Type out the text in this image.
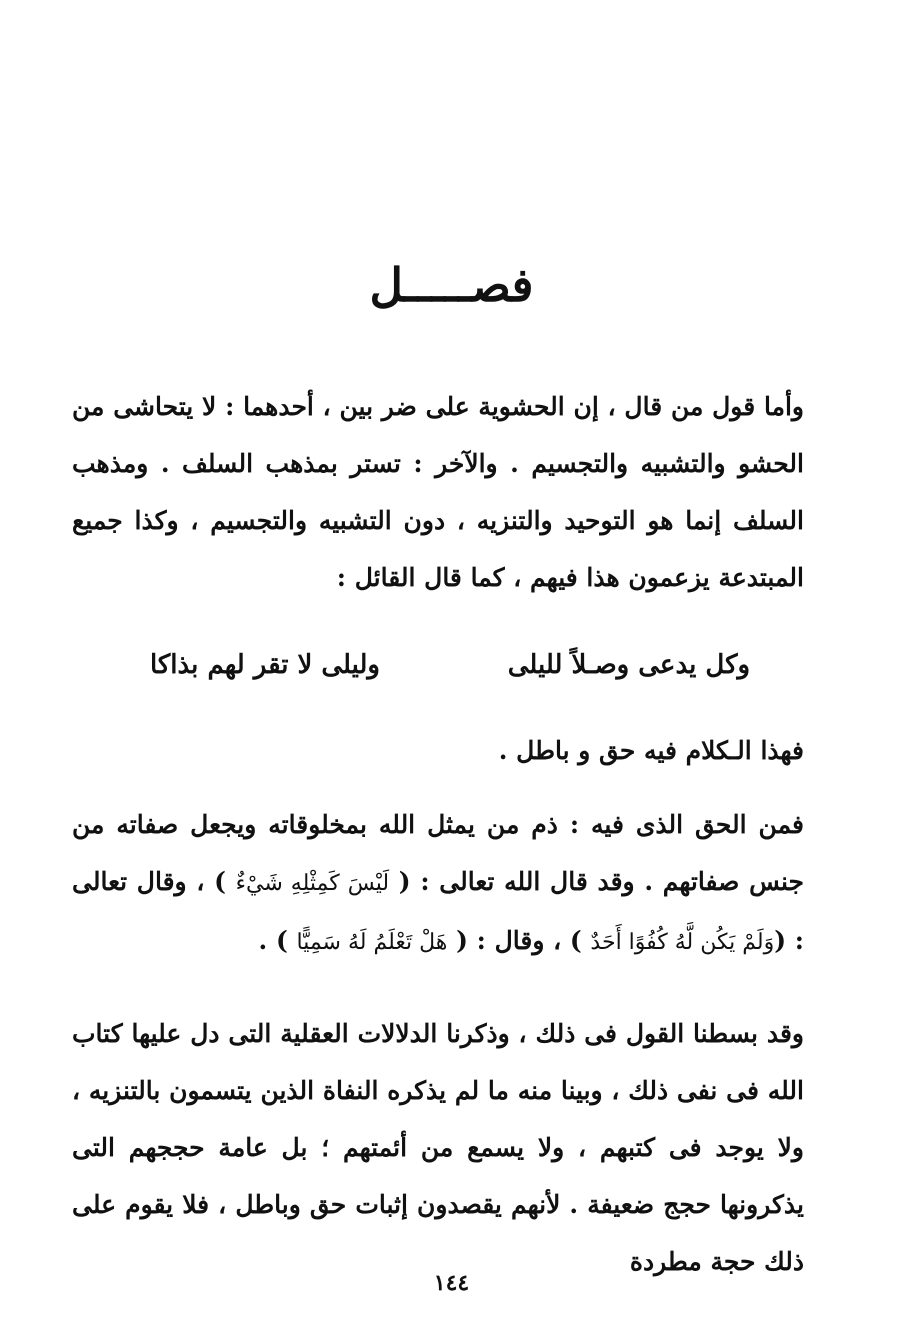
فصـــــل

وأما قول من قال ، إن الحشوية على ضر بين ، أحدهما : لا يتحاشى من الحشو والتشبيه والتجسيم . والآخر : تستر بمذهب السلف . ومذهب السلف إنما هو التوحيد والتنزيه ، دون التشبيه والتجسيم ، وكذا جميع المبتدعة يزعمون هذا فيهم ، كما قال القائل :

وكل يدعى وصـلاً لليلى
وليلى لا تقر لهم بذاكا

فهذا الـكلام فيه حق و باطل .

فمن الحق الذى فيه : ذم من يمثل الله بمخلوقاته ويجعل صفاته من جنس صفاتهم . وقد قال الله تعالى : ( لَيْسَ كَمِثْلِهِ شَيْءٌ ) ، وقال تعالى : (وَلَمْ يَكُن لَّهُ كُفُوًا أَحَدٌ ) ، وقال : ( هَلْ تَعْلَمُ لَهُ سَمِيًّا ) .

وقد بسطنا القول فى ذلك ، وذكرنا الدلالات العقلية التى دل عليها كتاب الله فى نفى ذلك ، وبينا منه ما لم يذكره النفاة الذين يتسمون بالتنزيه ، ولا يوجد فى كتبهم ، ولا يسمع من أئمتهم ؛ بل عامة حججهم التى يذكرونها حجج ضعيفة . لأنهم يقصدون إثبات حق وباطل ، فلا يقوم على ذلك حجة مطردة

١٤٤
